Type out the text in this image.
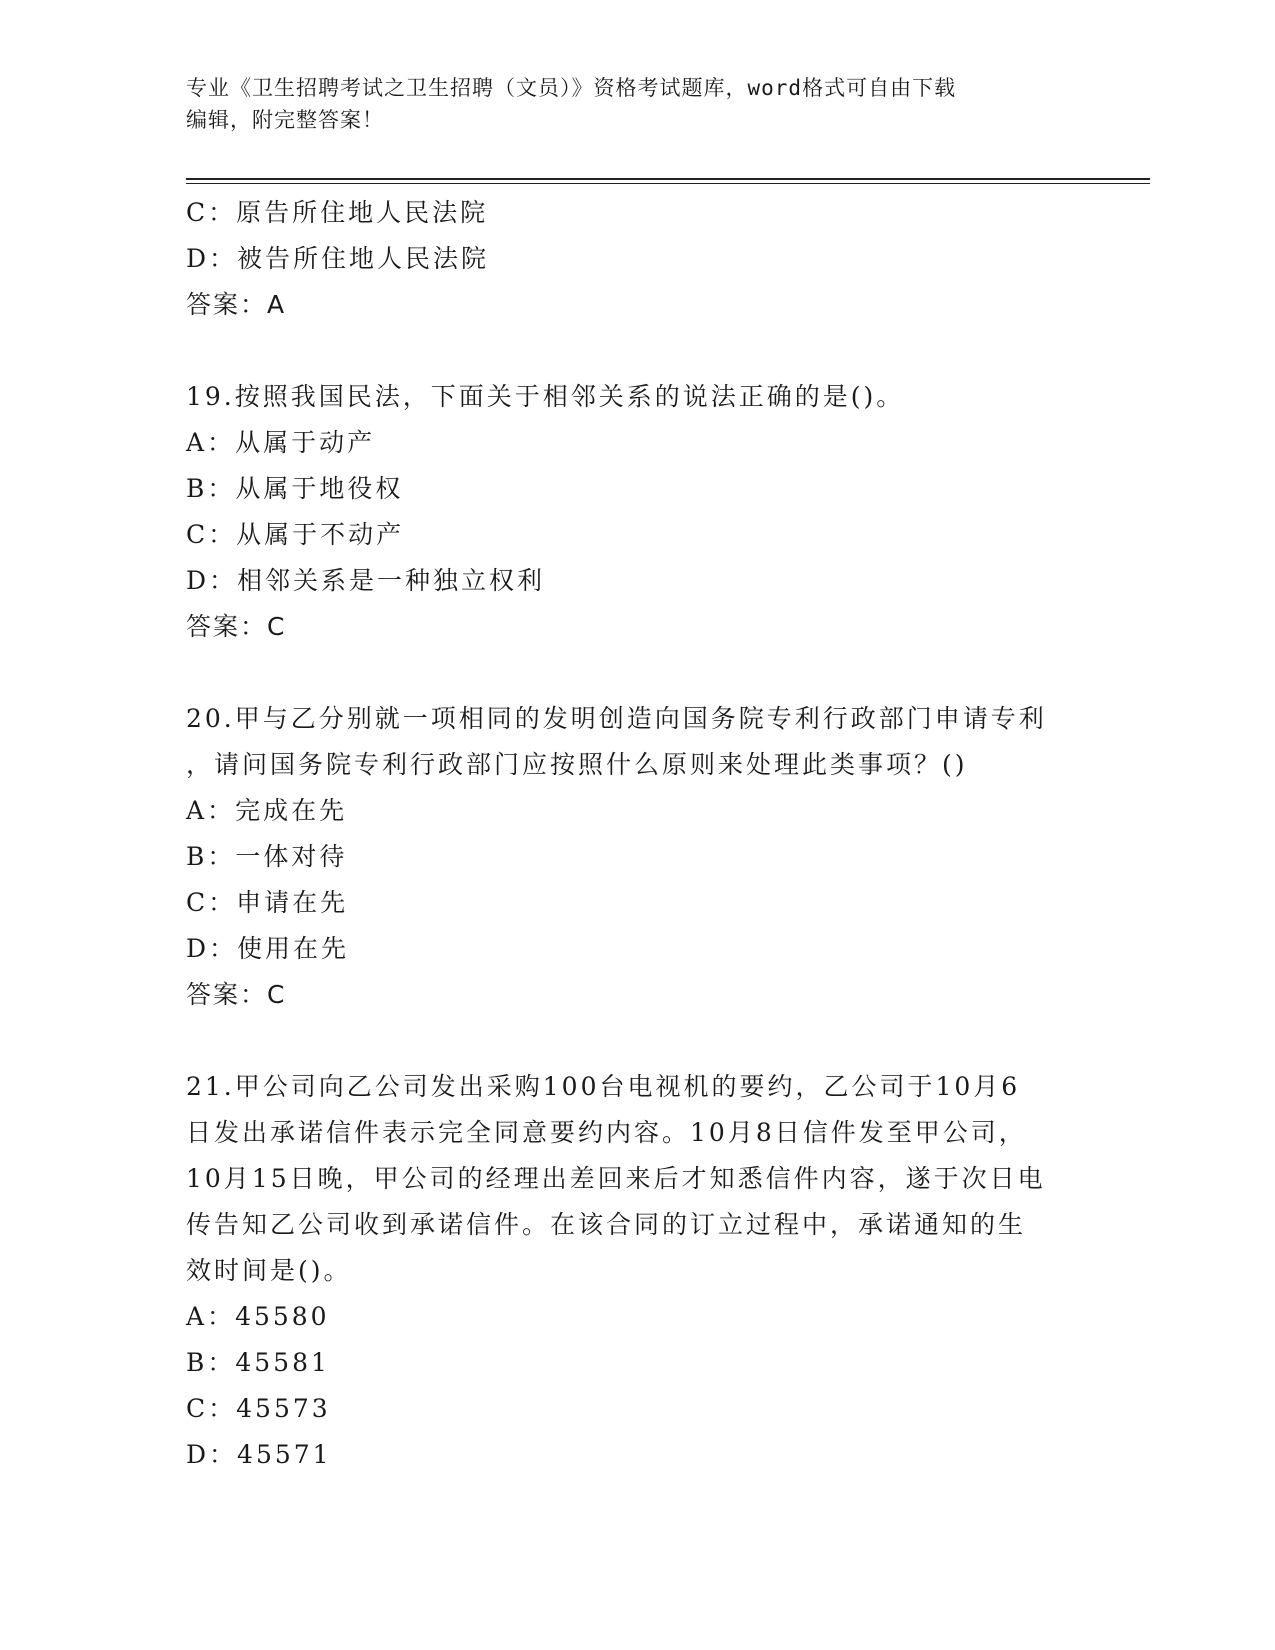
专业《卫生招聘考试之卫生招聘（文员）》资格考试题库，word格式可自由下载
编辑，附完整答案！
C：原告所住地人民法院
D：被告所住地人民法院
答案：A
19.按照我国民法，下面关于相邻关系的说法正确的是()。
A：从属于动产
B：从属于地役权
C：从属于不动产
D：相邻关系是一种独立权利
答案：C
20.甲与乙分别就一项相同的发明创造向国务院专利行政部门申请专利
，请问国务院专利行政部门应按照什么原则来处理此类事项？()
A：完成在先
B：一体对待
C：申请在先
D：使用在先
答案：C
21.甲公司向乙公司发出采购100台电视机的要约，乙公司于10月6
日发出承诺信件表示完全同意要约内容。10月8日信件发至甲公司，
10月15日晚，甲公司的经理出差回来后才知悉信件内容，遂于次日电
传告知乙公司收到承诺信件。在该合同的订立过程中，承诺通知的生
效时间是()。
A：45580
B：45581
C：45573
D：45571
